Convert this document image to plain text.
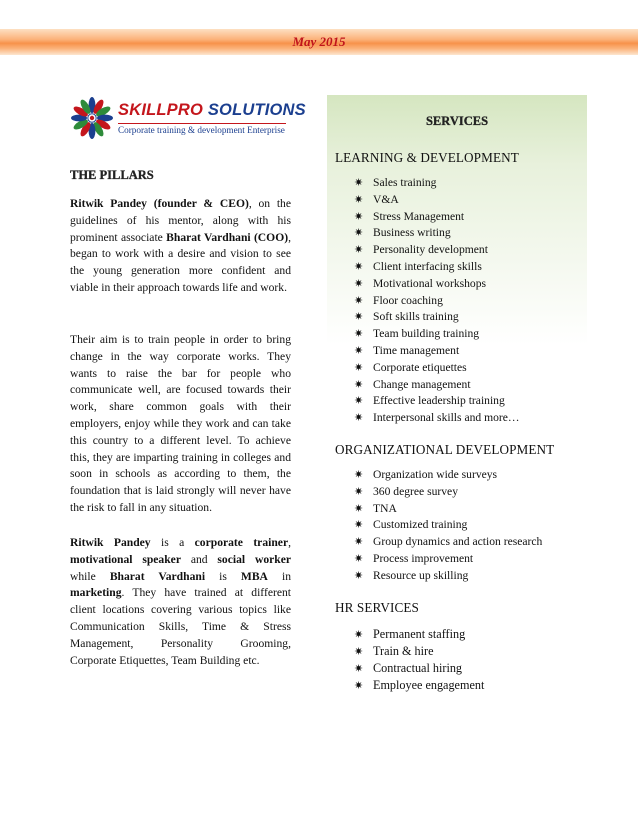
May 2015
SKILLPRO SOLUTIONS
Corporate training & development Enterprise
THE PILLARS
Ritwik Pandey (founder & CEO), on the guidelines of his mentor, along with his prominent associate Bharat Vardhani (COO), began to work with a desire and vision to see the young generation more confident and viable in their approach towards life and work.
Their aim is to train people in order to bring change in the way corporate works. They wants to raise the bar for people who communicate well, are focused towards their work, share common goals with their employers, enjoy while they work and can take this country to a different level. To achieve this, they are imparting training in colleges and soon in schools as according to them, the foundation that is laid strongly will never have the risk to fall in any situation.
Ritwik Pandey is a corporate trainer, motivational speaker and social worker while Bharat Vardhani is MBA in marketing. They have trained at different client locations covering various topics like Communication Skills, Time & Stress Management, Personality Grooming, Corporate Etiquettes, Team Building etc.
SERVICES
LEARNING & DEVELOPMENT
✷ Sales training
✷ V&A
✷ Stress Management
✷ Business writing
✷ Personality development
✷ Client interfacing skills
✷ Motivational workshops
✷ Floor coaching
✷ Soft skills training
✷ Team building training
✷ Time management
✷ Corporate etiquettes
✷ Change management
✷ Effective leadership training
✷ Interpersonal skills and more…
ORGANIZATIONAL DEVELOPMENT
✷ Organization wide surveys
✷ 360 degree survey
✷ TNA
✷ Customized training
✷ Group dynamics and action research
✷ Process improvement
✷ Resource up skilling
HR SERVICES
✷ Permanent staffing
✷ Train & hire
✷ Contractual hiring
✷ Employee engagement
